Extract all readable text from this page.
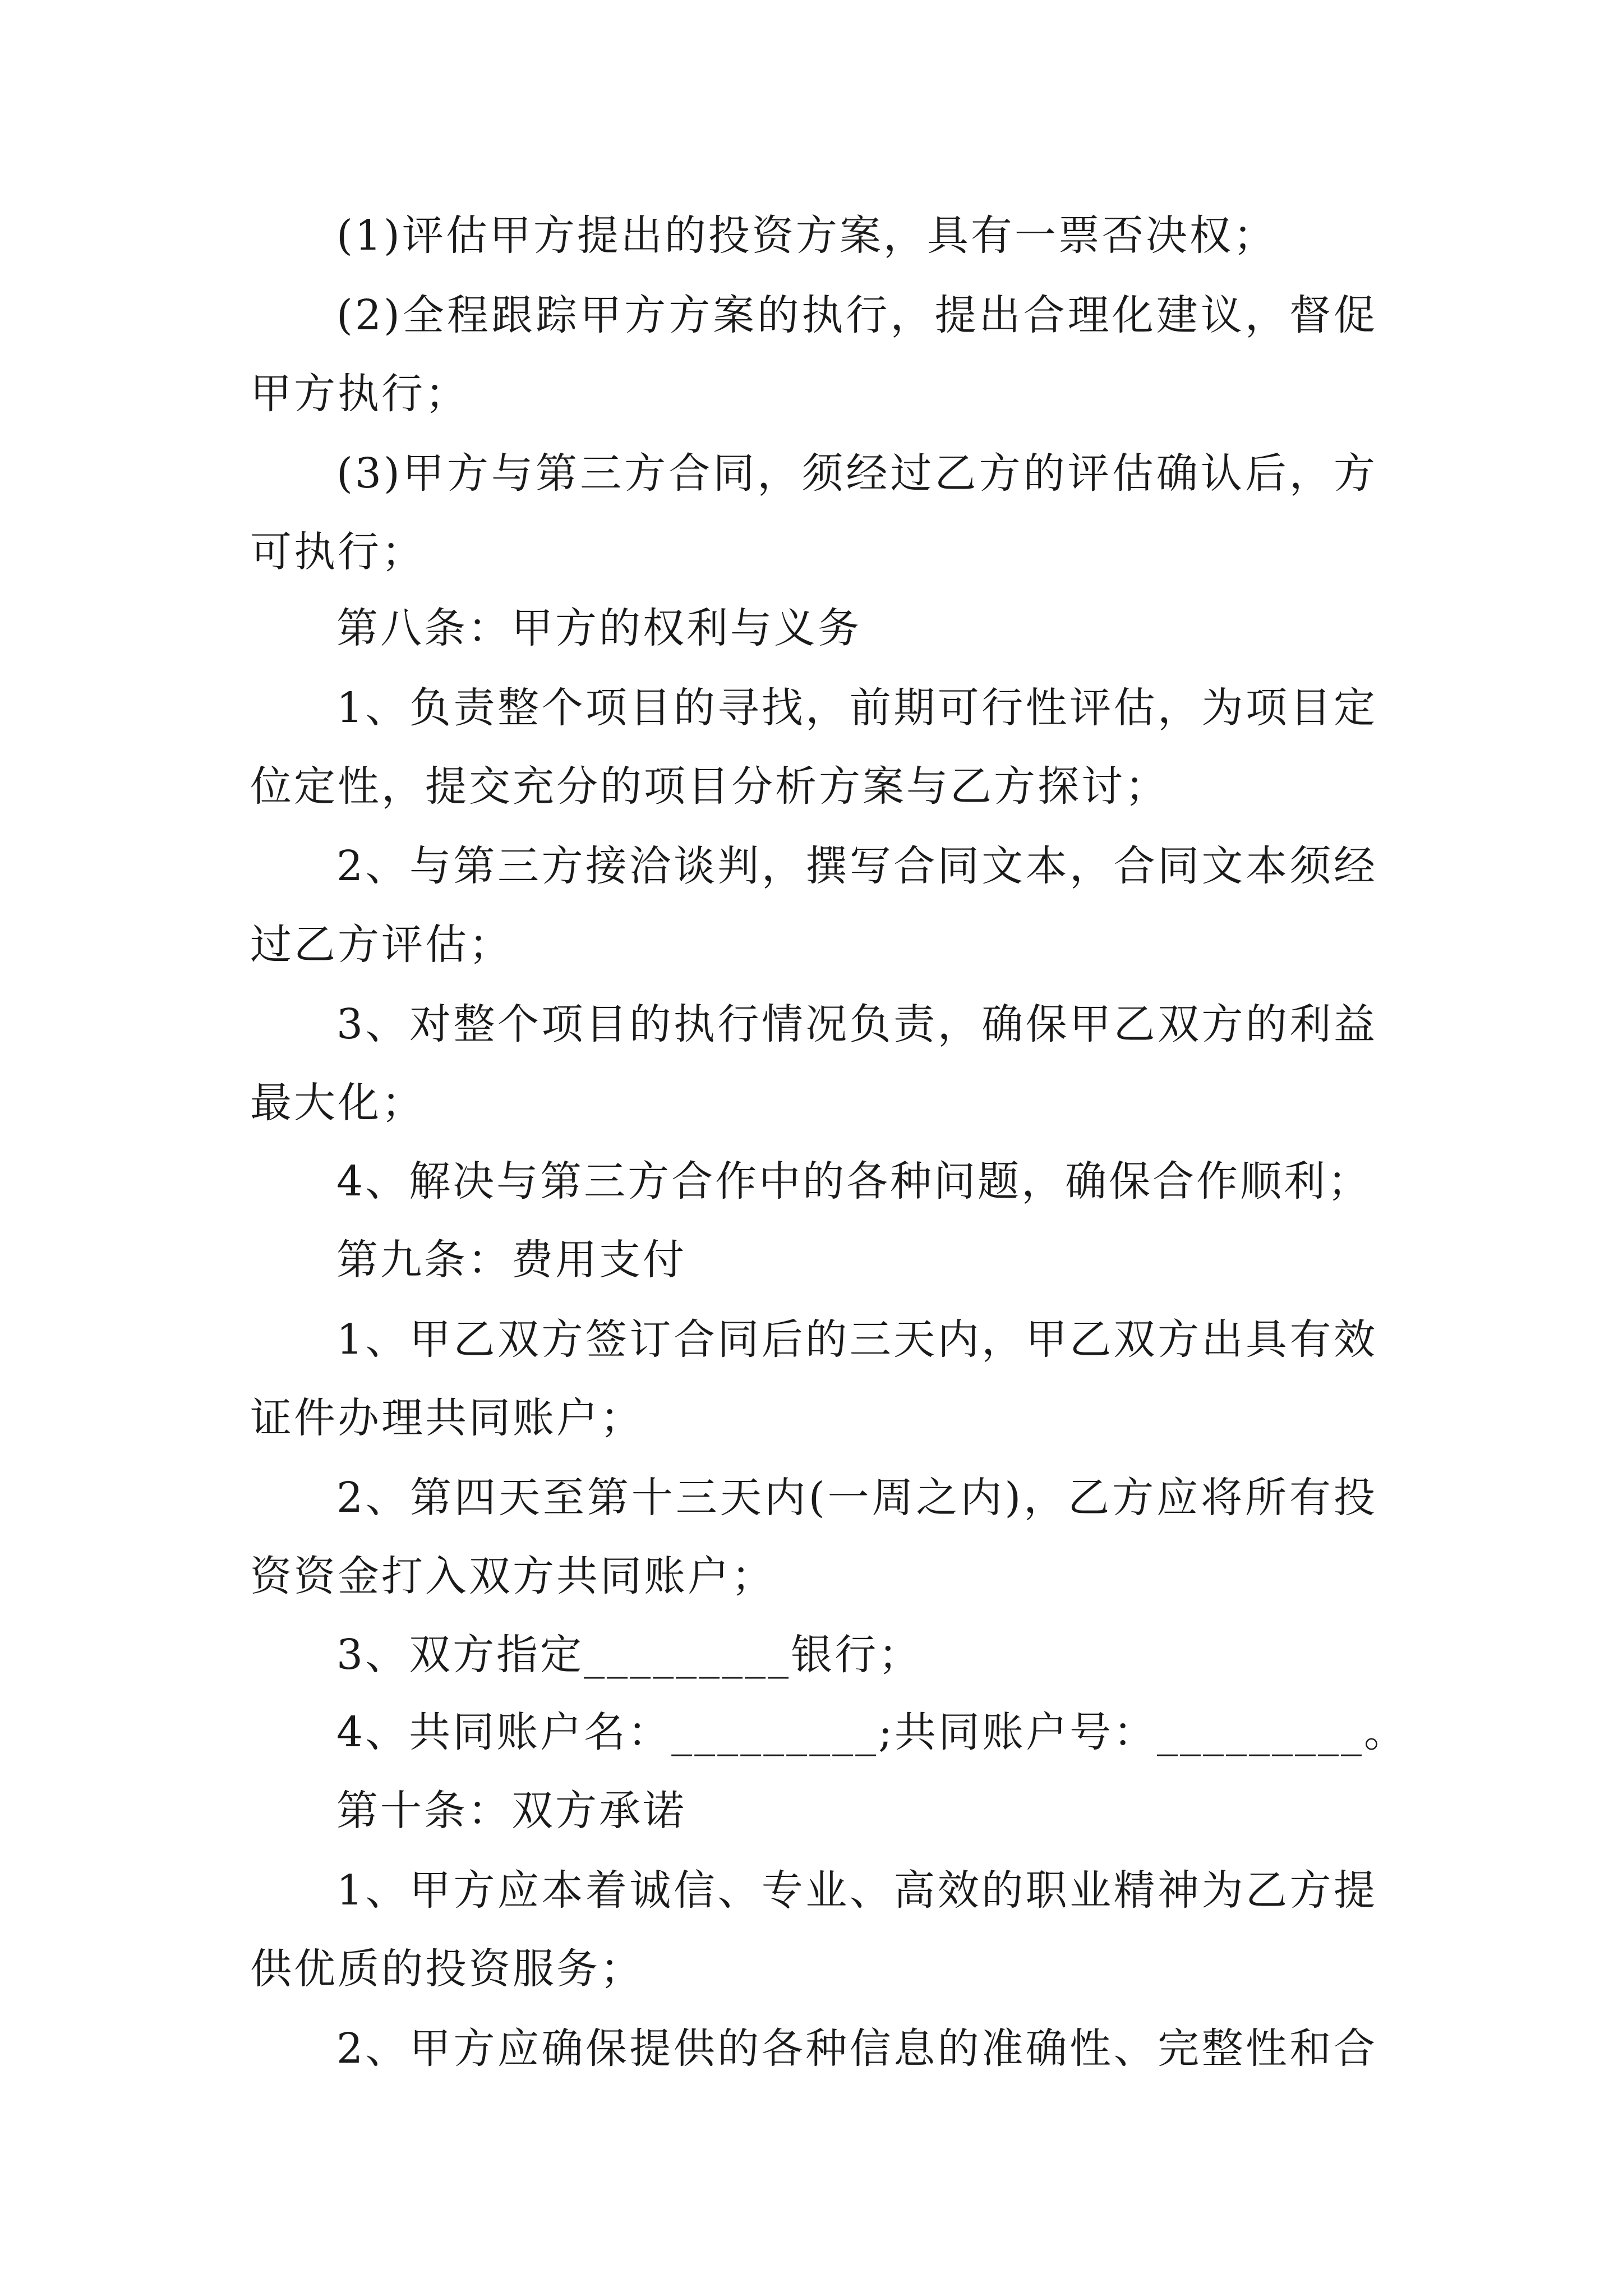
(1)评估甲方提出的投资方案，具有一票否决权；
(2)全程跟踪甲方方案的执行，提出合理化建议，督促
甲方执行；
(3)甲方与第三方合同，须经过乙方的评估确认后，方
可执行；
第八条：甲方的权利与义务
1、负责整个项目的寻找，前期可行性评估，为项目定
位定性，提交充分的项目分析方案与乙方探讨；
2、与第三方接洽谈判，撰写合同文本，合同文本须经
过乙方评估；
3、对整个项目的执行情况负责，确保甲乙双方的利益
最大化；
4、解决与第三方合作中的各种问题，确保合作顺利；
第九条：费用支付
1、甲乙双方签订合同后的三天内，甲乙双方出具有效
证件办理共同账户；
2、第四天至第十三天内(一周之内)，乙方应将所有投
资资金打入双方共同账户；
3、双方指定_________银行；
4、共同账户名：_________;共同账户号：_________。
第十条：双方承诺
1、甲方应本着诚信、专业、高效的职业精神为乙方提
供优质的投资服务；
2、甲方应确保提供的各种信息的准确性、完整性和合
